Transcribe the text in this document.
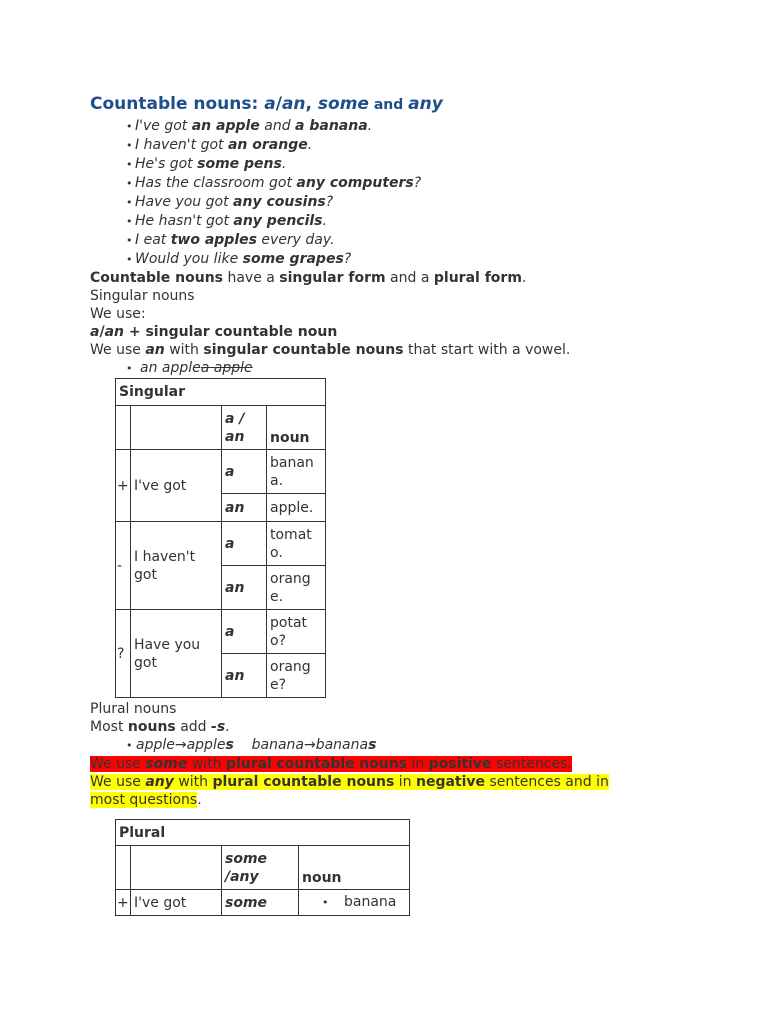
Countable nouns: a/an, some and any
• I've got an apple and a banana.
• I haven't got an orange.
• He's got some pens.
• Has the classroom got any computers?
• Have you got any cousins?
• He hasn't got any pencils.
• I eat two apples every day.
• Would you like some grapes?
Countable nouns have a singular form and a plural form.
Singular nouns
We use:
a/an + singular countable noun
We use an with singular countable nouns that start with a vowel.
• an applea apple
Singular			
		a / an	noun
+	I've got	a	banana.
		an	apple.
-	I haven't got	a	tomato.
		an	orange.
?	Have you got	a	potato?
		an	orange?
Plural nouns
Most nouns add -s.
• apple→apples banana→bananas
We use some with plural countable nouns in positive sentences.
We use any with plural countable nouns in negative sentences and in
most questions.
Plural			
		some /any	noun
+	I've got	some	• banana
